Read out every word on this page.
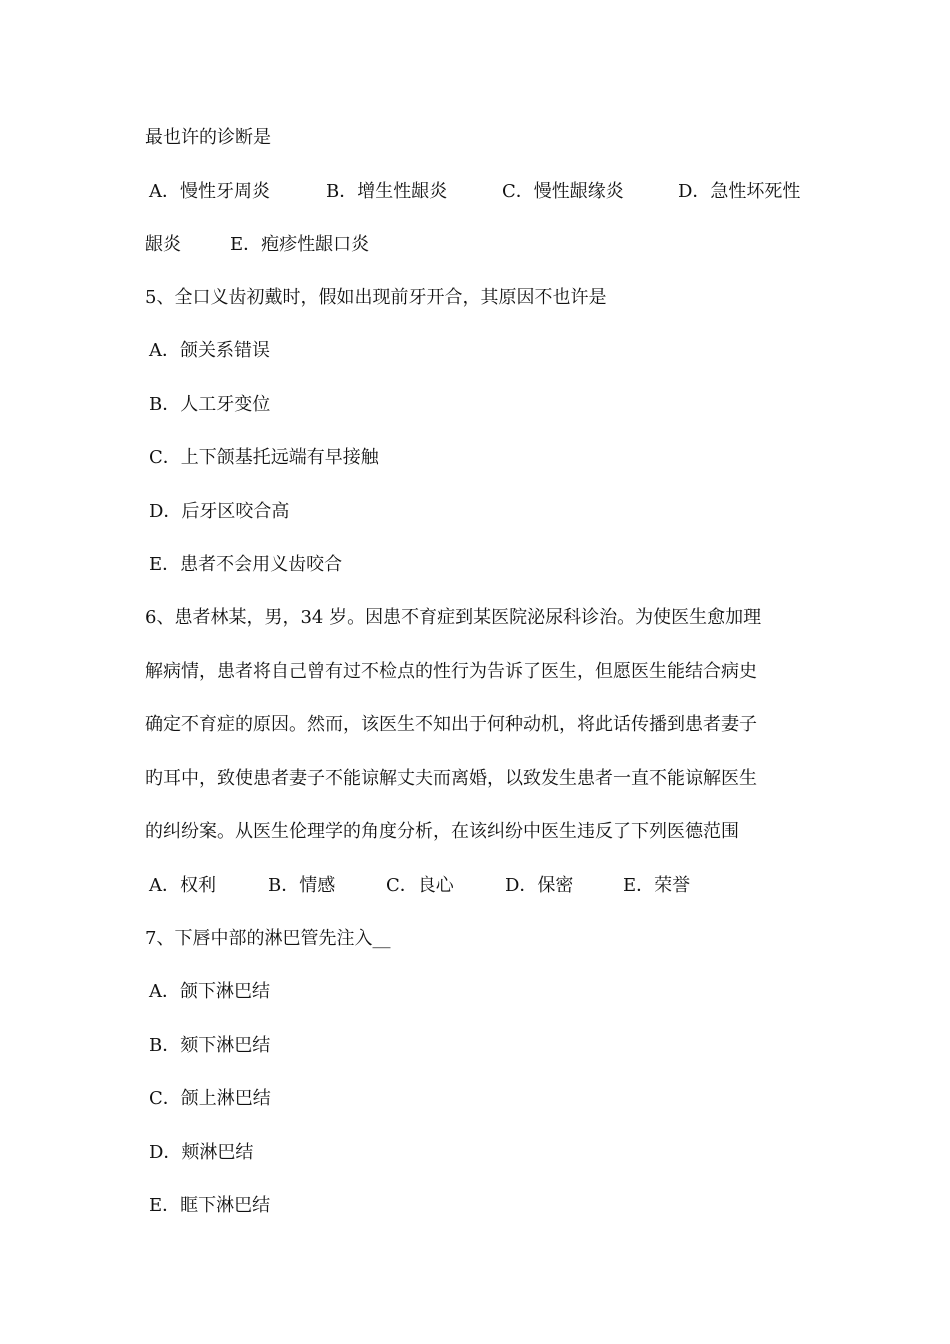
最也许的诊断是
A．慢性牙周炎	B．增生性龈炎	C．慢性龈缘炎	D．急性坏死性
龈炎	E．疱疹性龈口炎
5、全口义齿初戴时，假如出现前牙开合，其原因不也许是
A．颌关系错误
B．人工牙变位
C．上下颌基托远端有早接触
D．后牙区咬合高
E．患者不会用义齿咬合
6、患者林某，男，34 岁。因患不育症到某医院泌尿科诊治。为使医生愈加理
解病情，患者将自己曾有过不检点的性行为告诉了医生，但愿医生能结合病史
确定不育症的原因。然而，该医生不知出于何种动机，将此话传播到患者妻子
旳耳中，致使患者妻子不能谅解丈夫而离婚，以致发生患者一直不能谅解医生
的纠纷案。从医生伦理学的角度分析，在该纠纷中医生违反了下列医德范围
A．权利	B．情感	C．良心	D．保密	E．荣誉
7、下唇中部的淋巴管先注入__
A．颌下淋巴结
B．颏下淋巴结
C．颌上淋巴结
D．颊淋巴结
E．眶下淋巴结
